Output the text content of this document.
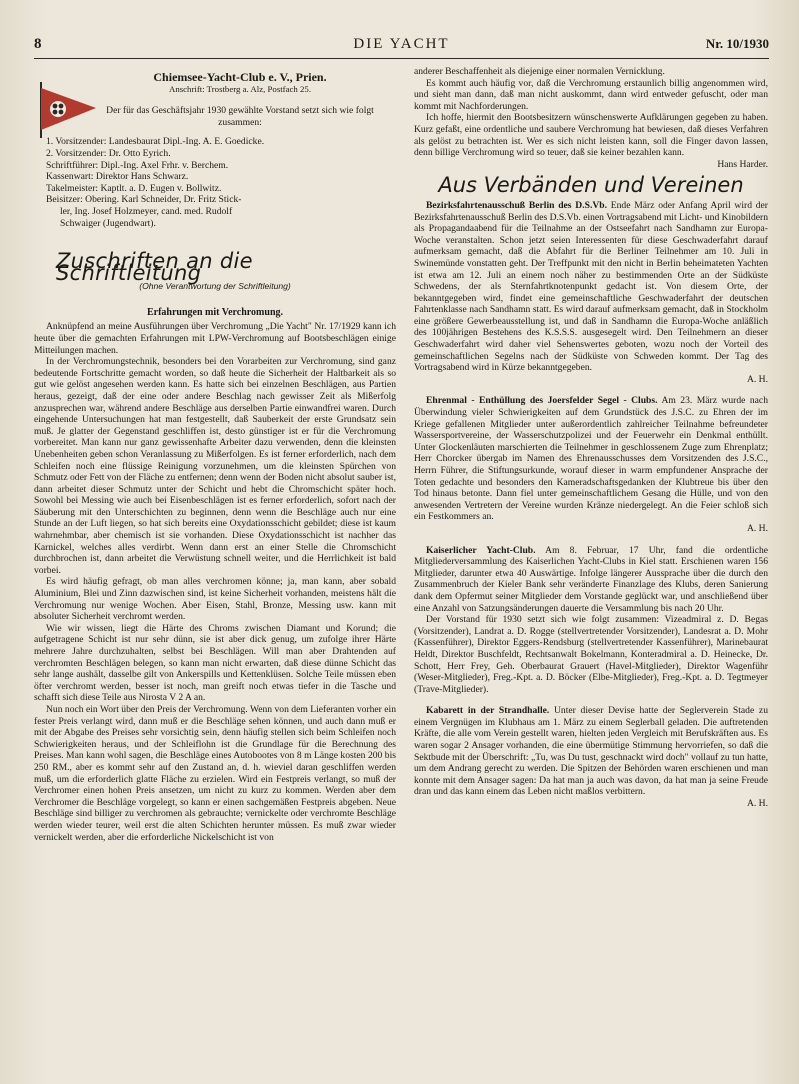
8	DIE YACHT	Nr. 10/1930
Chiemsee-Yacht-Club e. V., Prien.
Anschrift: Trostberg a. Alz, Postfach 25.
Der für das Geschäftsjahr 1930 gewählte Vorstand setzt sich wie folgt zusammen:

1. Vorsitzender: Landesbaurat Dipl.-Ing. A. E. Goedicke.

2. Vorsitzender: Dr. Otto Eyrich.

Schriftführer: Dipl.-Ing. Axel Frhr. v. Berchem.

Kassenwart: Direktor Hans Schwarz.

Takelmeister: Kaptlt. a. D. Eugen v. Bollwitz.

Beisitzer: Obering. Karl Schneider, Dr. Fritz Stick-

ler, Ing. Josef Holzmeyer, cand. med. Rudolf

Schwaiger (Jugendwart).

Zuschriften an die Schriftleitung
(Ohne Verantwortung der Schriftleitung)
Erfahrungen mit Verchromung.

Anknüpfend an meine Ausführungen über Verchromung „Die Yacht" Nr. 17/1929 kann ich heute über die gemachten Erfahrungen mit LPW-Verchromung auf Bootsbeschlägen einige Mitteilungen machen.

In der Verchromungstechnik, besonders bei den Vorarbeiten zur Verchromung, sind ganz bedeutende Fortschritte gemacht worden, so daß heute die Sicherheit der Haltbarkeit als so gut wie gelöst angesehen werden kann. Es hatte sich bei einzelnen Beschlägen, aus Partien heraus, gezeigt, daß der eine oder andere Beschlag nach gewisser Zeit als Mißerfolg anzusprechen war, während andere Beschläge aus derselben Partie einwandfrei waren. Durch eingehende Untersuchungen hat man festgestellt, daß Sauberkeit der erste Grundsatz sein muß. Je glatter der Gegenstand geschliffen ist, desto günstiger ist er für die Verchromung vorbereitet. Man kann nur ganz gewissenhafte Arbeiter dazu verwenden, denn die kleinsten Unebenheiten geben schon Veranlassung zu Mißerfolgen. Es ist ferner erforderlich, nach dem Schleifen noch eine flüssige Reinigung vorzunehmen, um die kleinsten Spürchen von Schmutz oder Fett von der Fläche zu entfernen; denn wenn der Boden nicht absolut sauber ist, dann arbeitet dieser Schmutz unter der Schicht und hebt die Chromschicht später hoch. Sowohl bei Messing wie auch bei Eisenbeschlägen ist es ferner erforderlich, sofort nach der Säuberung mit den Unterschichten zu beginnen, denn wenn die Beschläge auch nur eine Stunde an der Luft liegen, so hat sich bereits eine Oxydationsschicht gebildet; diese ist kaum wahrnehmbar, aber chemisch ist sie vorhanden. Diese Oxydationsschicht ist nachher das Karnickel, welches alles verdirbt. Wenn dann erst an einer Stelle die Chromschicht durchbrochen ist, dann arbeitet die Verwüstung schnell weiter, und die Herrlichkeit ist bald vorbei.

Es wird häufig gefragt, ob man alles verchromen könne; ja, man kann, aber sobald Aluminium, Blei und Zinn dazwischen sind, ist keine Sicherheit vorhanden, meistens hält die Verchromung nur wenige Wochen. Aber Eisen, Stahl, Bronze, Messing usw. kann mit absoluter Sicherheit verchromt werden.

Wie wir wissen, liegt die Härte des Chroms zwischen Diamant und Korund; die aufgetragene Schicht ist nur sehr dünn, sie ist aber dick genug, um zufolge ihrer Härte mehrere Jahre durchzuhalten, selbst bei Beschlägen. Will man aber Drahtenden auf verchromten Beschlägen belegen, so kann man nicht erwarten, daß diese dünne Schicht das sehr lange aushält, dasselbe gilt von Ankerspills und Kettenklüsen. Solche Teile müssen eben öfter verchromt werden, besser ist noch, man greift noch etwas tiefer in die Tasche und schafft sich diese Teile aus Nirosta V 2 A an.

Nun noch ein Wort über den Preis der Verchromung. Wenn von dem Lieferanten vorher ein fester Preis verlangt wird, dann muß er die Beschläge sehen können, und auch dann muß er mit der Abgabe des Preises sehr vorsichtig sein, denn häufig stellen sich beim Schleifen noch Schwierigkeiten heraus, und der Schleiflohn ist die Grundlage für die Berechnung des Preises. Man kann wohl sagen, die Beschläge eines Autobootes von 8 m Länge kosten 200 bis 250 RM., aber es kommt sehr auf den Zustand an, d. h. wieviel daran geschliffen werden muß, um die erforderlich glatte Fläche zu erzielen. Wird ein Festpreis verlangt, so muß der Verchromer einen hohen Preis ansetzen, um nicht zu kurz zu kommen. Werden aber dem Verchromer die Beschläge vorgelegt, so kann er einen sachgemäßen Festpreis abgeben. Neue Beschläge sind billiger zu verchromen als gebrauchte; vernickelte oder verchromte Beschläge werden wieder teurer, weil erst die alten Schichten herunter müssen. Es muß zwar wieder vernickelt werden, aber die erforderliche Nickelschicht ist von

anderer Beschaffenheit als diejenige einer normalen Vernicklung.

Es kommt auch häufig vor, daß die Verchromung erstaunlich billig angenommen wird, und sieht man dann, daß man nicht auskommt, dann wird entweder gefuscht, oder man kommt mit Nachforderungen.

Ich hoffe, hiermit den Bootsbesitzern wünschenswerte Aufklärungen gegeben zu haben. Kurz gefaßt, eine ordentliche und saubere Verchromung hat bewiesen, daß dieses Verfahren als gelöst zu betrachten ist. Wer es sich nicht leisten kann, soll die Finger davon lassen, denn billige Verchromung wird so teuer, daß sie keiner bezahlen kann.

Hans Harder.
Aus Verbänden und Vereinen

Bezirksfahrtenausschuß Berlin des D.S.Vb. Ende März oder Anfang April wird der Bezirksfahrtenausschuß Berlin des D.S.Vb. einen Vortragsabend mit Licht- und Kinobildern als Propagandaabend für die Teilnahme an der Ostseefahrt nach Sandhamn zur Europa-Woche veranstalten. Schon jetzt seien Interessenten für diese Geschwaderfahrt darauf aufmerksam gemacht, daß die Abfahrt für die Berliner Teilnehmer am 10. Juli in Swinemünde vonstatten geht. Der Treffpunkt mit den nicht in Berlin beheimateten Yachten ist etwa am 12. Juli an einem noch näher zu bestimmenden Orte an der Südküste Schwedens, der als Sternfahrtknotenpunkt gedacht ist. Von diesem Orte, der bekanntgegeben wird, findet eine gemeinschaftliche Geschwaderfahrt der deutschen Fahrtenklasse nach Sandhamn statt. Es wird darauf aufmerksam gemacht, daß in Stockholm eine größere Gewerbeausstellung ist, und daß in Sandhamn die Europa-Woche anläßlich des 100jährigen Bestehens des K.S.S.S. ausgesegelt wird. Den Teilnehmern an dieser Geschwaderfahrt wird daher viel Sehenswertes geboten, wozu noch der Vorteil des gemeinschaftlichen Segelns nach der Südküste von Schweden kommt. Der Tag des Vortragsabend wird in Kürze bekanntgegeben.

A. H.

Ehrenmal - Enthüllung des Joersfelder Segel - Clubs. Am 23. März wurde nach Überwindung vieler Schwierigkeiten auf dem Grundstück des J.S.C. zu Ehren der im Kriege gefallenen Mitglieder unter außerordentlich zahlreicher Teilnahme befreundeter Wassersportvereine, der Wasserschutzpolizei und der Feuerwehr ein Denkmal enthüllt. Unter Glockenläuten marschierten die Teilnehmer in geschlossenem Zuge zum Ehrenplatz; Herr Chorcker übergab im Namen des Ehrenausschusses dem Vorsitzenden des J.S.C., Herrn Führer, die Stiftungsurkunde, worauf dieser in warm empfundener Ansprache der Toten gedachte und besonders den Kameradschaftsgedanken der Klubtreue bis über den Tod hinaus betonte. Dann fiel unter gemeinschaftlichem Gesang die Hülle, und von den anwesenden Vertretern der Vereine wurden Kränze niedergelegt. An die Feier schloß sich ein Festkommers an.

A. H.

Kaiserlicher Yacht-Club. Am 8. Februar, 17 Uhr, fand die ordentliche Mitgliederversammlung des Kaiserlichen Yacht-Clubs in Kiel statt. Erschienen waren 156 Mitglieder, darunter etwa 40 Auswärtige. Infolge längerer Aussprache über die durch den Zusammenbruch der Kieler Bank sehr veränderte Finanzlage des Klubs, deren Sanierung dank dem Opfermut seiner Mitglieder dem Vorstande geglückt war, und anschließend über eine Anzahl von Satzungsänderungen dauerte die Versammlung bis nach 20 Uhr.

Der Vorstand für 1930 setzt sich wie folgt zusammen: Vizeadmiral z. D. Begas (Vorsitzender), Landrat a. D. Rogge (stellvertretender Vorsitzender), Landesrat a. D. Mohr (Kassenführer), Direktor Eggers-Rendsburg (stellvertretender Kassenführer), Marinebaurat Heldt, Direktor Buschfeldt, Rechtsanwalt Bokelmann, Konteradmiral a. D. Heinecke, Dr. Schott, Herr Frey, Geh. Oberbaurat Grauert (Havel-Mitglieder), Direktor Wagenführ (Weser-Mitglieder), Freg.-Kpt. a. D. Böcker (Elbe-Mitglieder), Freg.-Kpt. a. D. Tegtmeyer (Trave-Mitglieder).

Kabarett in der Strandhalle. Unter dieser Devise hatte der Seglerverein Stade zu einem Vergnügen im Klubhaus am 1. März zu einem Seglerball geladen. Die auftretenden Kräfte, die alle vom Verein gestellt waren, hielten jeden Vergleich mit Berufskräften aus. Es waren sogar 2 Ansager vorhanden, die eine übermütige Stimmung hervorriefen, so daß die Sektbude mit der Überschrift: „Tu, was Du tust, geschnackt wird doch" vollauf zu tun hatte, um dem Andrang gerecht zu werden. Die Spitzen der Behörden waren erschienen und man konnte mit dem Ansager sagen: Da hat man ja auch was davon, da hat man ja seine Freude dran und das kann einem das Leben nicht maßlos verbittern.

A. H.
